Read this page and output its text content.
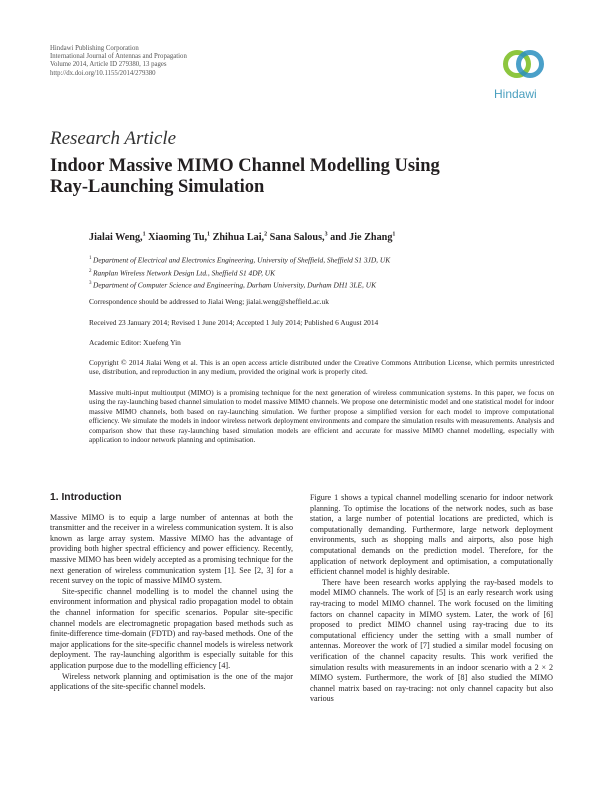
Hindawi Publishing Corporation
International Journal of Antennas and Propagation
Volume 2014, Article ID 279380, 13 pages
http://dx.doi.org/10.1155/2014/279380
Hindawi
Research Article
Indoor Massive MIMO Channel Modelling Using Ray-Launching Simulation
Jialai Weng,$^1$ Xiaoming Tu,$^1$ Zhihua Lai,$^2$ Sana Salous,$^3$ and Jie Zhang$^1$
$^1$ Department of Electrical and Electronics Engineering, University of Sheffield, Sheffield S1 3JD, UK
$^2$ Ranplan Wireless Network Design Ltd., Sheffield S1 4DP, UK
$^3$ Department of Computer Science and Engineering, Durham University, Durham DH1 3LE, UK
Correspondence should be addressed to Jialai Weng; jialai.weng@sheffield.ac.uk
Received 23 January 2014; Revised 1 June 2014; Accepted 1 July 2014; Published 6 August 2014
Academic Editor: Xuefeng Yin
Copyright © 2014 Jialai Weng et al. This is an open access article distributed under the Creative Commons Attribution License, which permits unrestricted use, distribution, and reproduction in any medium, provided the original work is properly cited.
Massive multi-input multioutput (MIMO) is a promising technique for the next generation of wireless communication systems. In this paper, we focus on using the ray-launching based channel simulation to model massive MIMO channels. We propose one deterministic model and one statistical model for indoor massive MIMO channels, both based on ray-launching simulation. We further propose a simplified version for each model to improve computational efficiency. We simulate the models in indoor wireless network deployment environments and compare the simulation results with measurements. Analysis and comparison show that these ray-launching based simulation models are efficient and accurate for massive MIMO channel modelling, especially with application to indoor network planning and optimisation.
1. Introduction

Massive MIMO is to equip a large number of antennas at both the transmitter and the receiver in a wireless communication system. It is also known as large array system. Massive MIMO has the advantage of providing both higher spectral efficiency and power efficiency. Recently, massive MIMO has been widely accepted as a promising technique for the next generation of wireless communication system [1]. See [2, 3] for a recent survey on the topic of massive MIMO system.

Site-specific channel modelling is to model the channel using the environment information and physical radio propagation model to obtain the channel information for specific scenarios. Popular site-specific channel models are electromagnetic propagation based methods such as finite-difference time-domain (FDTD) and ray-based methods. One of the major applications for the site-specific channel models is wireless network deployment. The ray-launching algorithm is especially suitable for this application purpose due to the modelling efficiency [4].

Wireless network planning and optimisation is the one of the major applications of the site-specific channel models.

Figure 1 shows a typical channel modelling scenario for indoor network planning. To optimise the locations of the network nodes, such as base station, a large number of potential locations are predicted, which is computationally demanding. Furthermore, large network deployment environments, such as shopping malls and airports, also pose high computational demands on the prediction model. Therefore, for the application of network deployment and optimisation, a computationally efficient channel model is highly desirable.

There have been research works applying the ray-based models to model MIMO channels. The work of [5] is an early research work using ray-tracing to model MIMO channel. The work focused on the limiting factors on channel capacity in MIMO system. Later, the work of [6] proposed to predict MIMO channel using ray-tracing due to its computational efficiency under the setting with a small number of antennas. Moreover the work of [7] studied a similar model focusing on verification of the channel capacity results. This work verified the simulation results with measurements in an indoor scenario with a 2 × 2 MIMO system. Furthermore, the work of [8] also studied the MIMO channel matrix based on ray-tracing: not only channel capacity but also various
